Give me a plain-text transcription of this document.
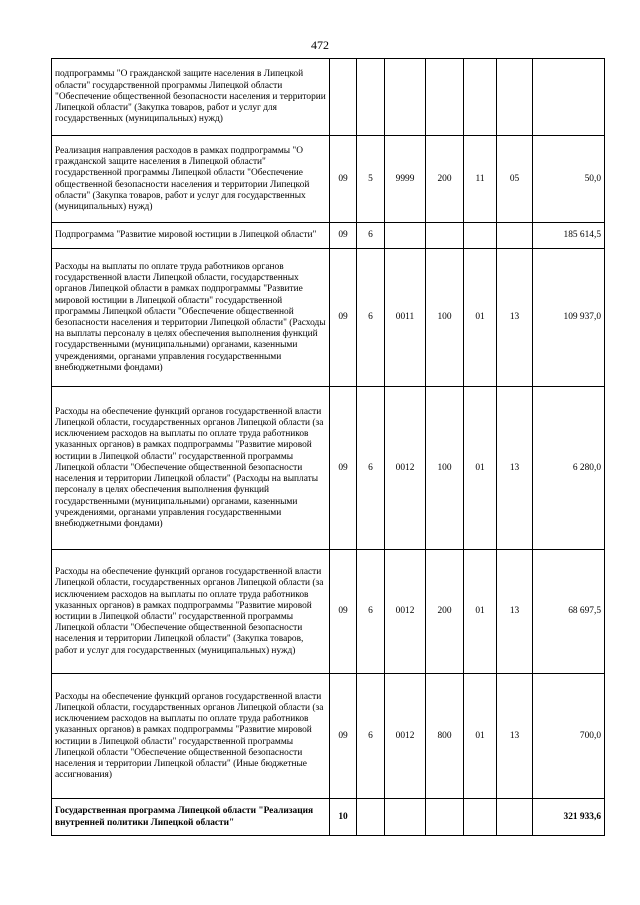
472
подпрограммы "О гражданской защите населения в Липецкой области" государственной программы Липецкой области "Обеспечение общественной безопасности населения и территории Липецкой области" (Закупка товаров, работ и услуг для государственных (муниципальных) нужд)							
Реализация направления расходов в рамках подпрограммы "О гражданской защите населения в Липецкой области" государственной программы Липецкой области "Обеспечение общественной безопасности населения и территории Липецкой области" (Закупка товаров, работ и услуг для государственных (муниципальных) нужд)	09	5	9999	200	11	05	50,0
Подпрограмма "Развитие мировой юстиции в Липецкой области"	09	6					185 614,5
Расходы на выплаты по оплате труда работников органов государственной власти Липецкой области, государственных органов Липецкой области в рамках подпрограммы "Развитие мировой юстиции в Липецкой области" государственной программы Липецкой области "Обеспечение общественной безопасности населения и территории Липецкой области" (Расходы на выплаты персоналу в целях обеспечения выполнения функций государственными (муниципальными) органами, казенными учреждениями, органами управления государственными внебюджетными фондами)	09	6	0011	100	01	13	109 937,0
Расходы на обеспечение функций органов государственной власти Липецкой области, государственных органов Липецкой области (за исключением расходов на выплаты по оплате труда работников указанных органов) в рамках подпрограммы "Развитие мировой юстиции в Липецкой области" государственной программы Липецкой области "Обеспечение общественной безопасности населения и территории Липецкой области" (Расходы на выплаты персоналу в целях обеспечения выполнения функций государственными (муниципальными) органами, казенными учреждениями, органами управления государственными внебюджетными фондами)	09	6	0012	100	01	13	6 280,0
Расходы на обеспечение функций органов государственной власти Липецкой области, государственных органов Липецкой области (за исключением расходов на выплаты по оплате труда работников указанных органов) в рамках подпрограммы "Развитие мировой юстиции в Липецкой области" государственной программы Липецкой области "Обеспечение общественной безопасности населения и территории Липецкой области" (Закупка товаров, работ и услуг для государственных (муниципальных) нужд)	09	6	0012	200	01	13	68 697,5
Расходы на обеспечение функций органов государственной власти Липецкой области, государственных органов Липецкой области (за исключением расходов на выплаты по оплате труда работников указанных органов) в рамках подпрограммы "Развитие мировой юстиции в Липецкой области" государственной программы Липецкой области "Обеспечение общественной безопасности населения и территории Липецкой области" (Иные бюджетные ассигнования)	09	6	0012	800	01	13	700,0
Государственная программа Липецкой области "Реализация внутренней политики Липецкой области"	10						321 933,6
